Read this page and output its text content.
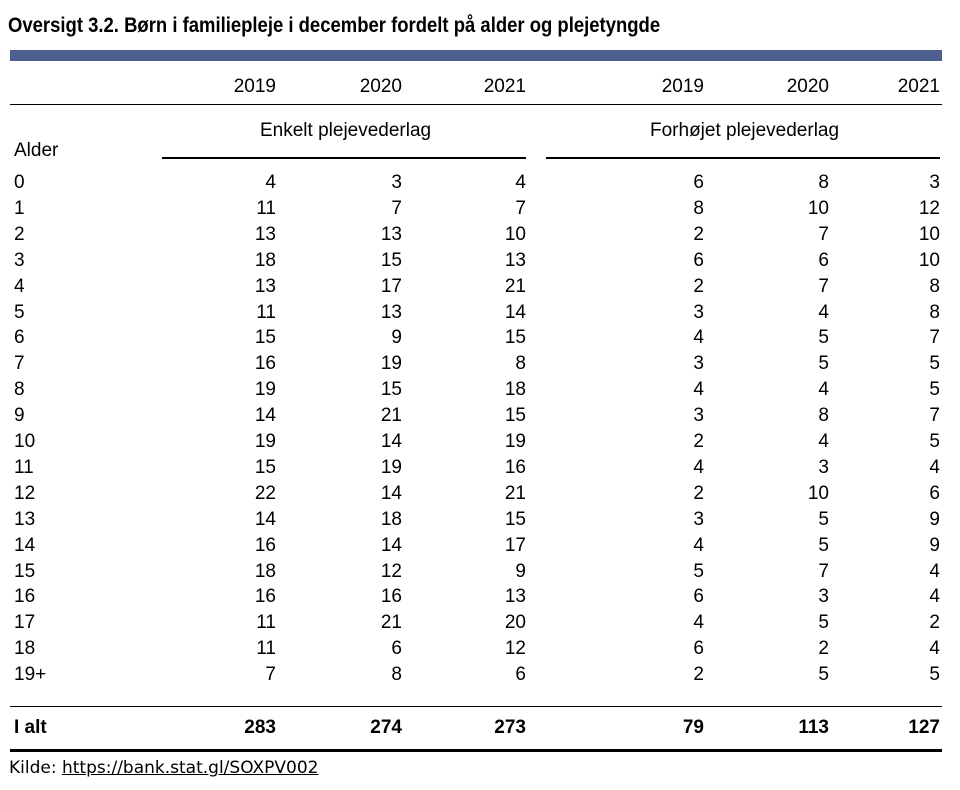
Oversigt 3.2. Børn i familiepleje i december fordelt på alder og plejetyngde
2019	2020	2021	2019	2020	2021
Alder
Enkelt plejevederlag	Forhøjet plejevederlag
0	4	3	4	6	8	3
1	11	7	7	8	10	12
2	13	13	10	2	7	10
3	18	15	13	6	6	10
4	13	17	21	2	7	8
5	11	13	14	3	4	8
6	15	9	15	4	5	7
7	16	19	8	3	5	5
8	19	15	18	4	4	5
9	14	21	15	3	8	7
10	19	14	19	2	4	5
11	15	19	16	4	3	4
12	22	14	21	2	10	6
13	14	18	15	3	5	9
14	16	14	17	4	5	9
15	18	12	9	5	7	4
16	16	16	13	6	3	4
17	11	21	20	4	5	2
18	11	6	12	6	2	4
19+	7	8	6	2	5	5
I alt	283	274	273	79	113	127
Kilde: https://bank.stat.gl/SOXPV002
